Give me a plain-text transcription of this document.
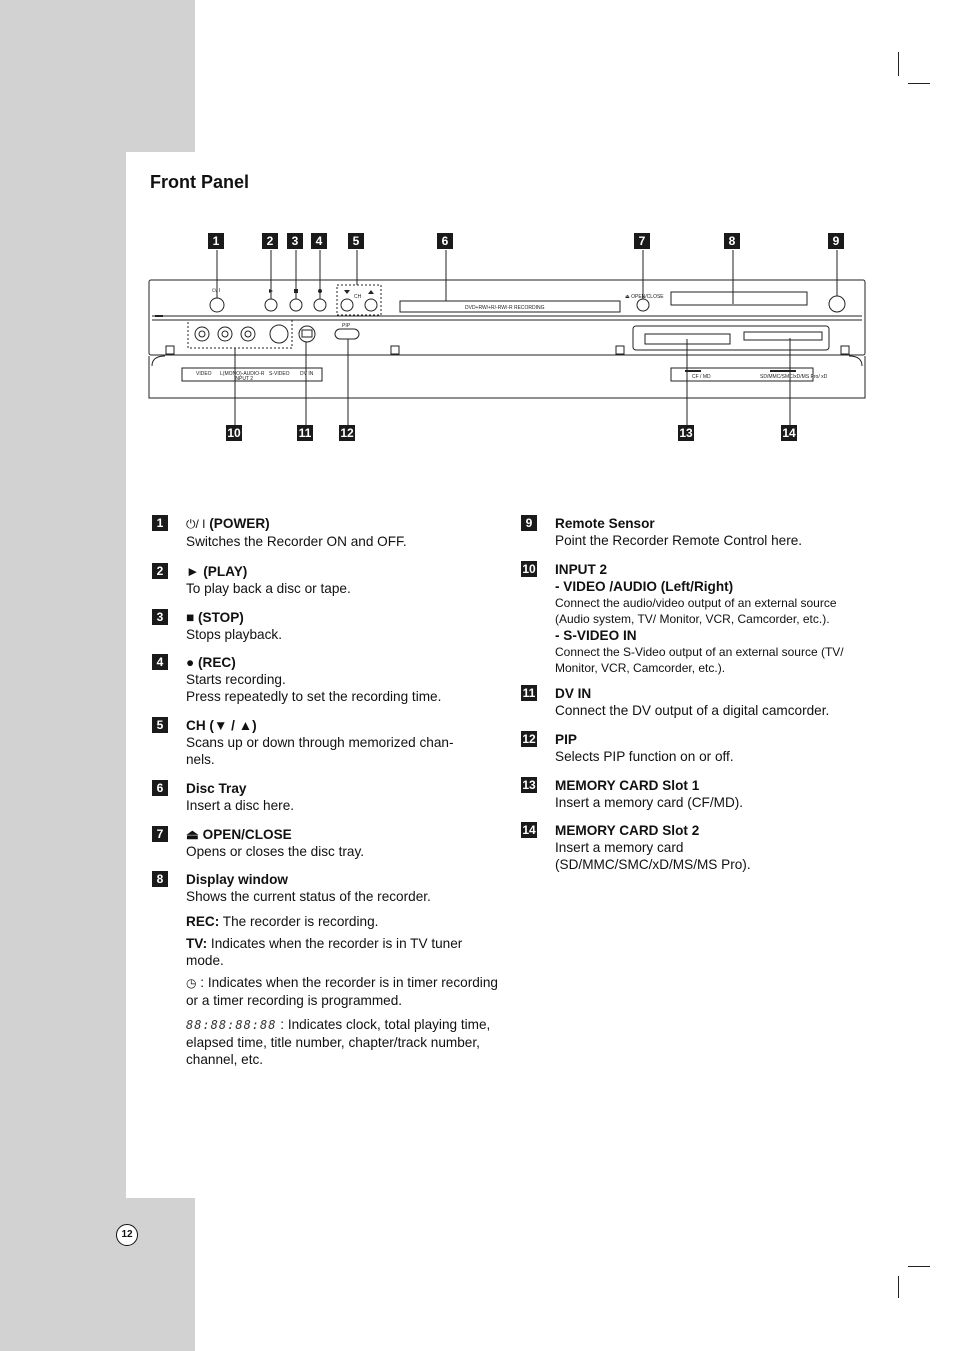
Front Panel
1	2	3	4	5	6	7	8	9
10	11 12	13	14
⏻/ I
CH
DVD+RW/+R/-RW/-R RECORDING
⏏ OPEN/CLOSE
PIP
VIDEO L(MONO)-AUDIO-R S-VIDEO DV IN
INPUT 2	CF / MD	SD/MMC/SMC/xD/MS Pro/ xD
1	⏻/ I (POWER)
Switches the Recorder ON and OFF.
2	► (PLAY)
To play back a disc or tape.
3	■ (STOP)
Stops playback.
4	● (REC)
Starts recording.
Press repeatedly to set the recording time.
5	CH (▼ / ▲)
Scans up or down through memorized chan-
nels.
6	Disc Tray
Insert a disc here.
7	⏏ OPEN/CLOSE
Opens or closes the disc tray.
8	Display window
Shows the current status of the recorder.
REC: The recorder is recording.
TV: Indicates when the recorder is in TV tuner mode.
◷ : Indicates when the recorder is in timer recording or a timer recording is programmed.
88:88:88:88 : Indicates clock, total playing time, elapsed time, title number, chapter/track number, channel, etc.
9	Remote Sensor
Point the Recorder Remote Control here.
10 INPUT 2
- VIDEO /AUDIO (Left/Right)
Connect the audio/video output of an external source (Audio system, TV/ Monitor, VCR, Camcorder, etc.).
- S-VIDEO IN
Connect the S-Video output of an external source (TV/ Monitor, VCR, Camcorder, etc.).
11 DV IN
Connect the DV output of a digital camcorder.
12 PIP
Selects PIP function on or off.
13 MEMORY CARD Slot 1
Insert a memory card (CF/MD).
14 MEMORY CARD Slot 2
Insert a memory card
(SD/MMC/SMC/xD/MS/MS Pro).
12
